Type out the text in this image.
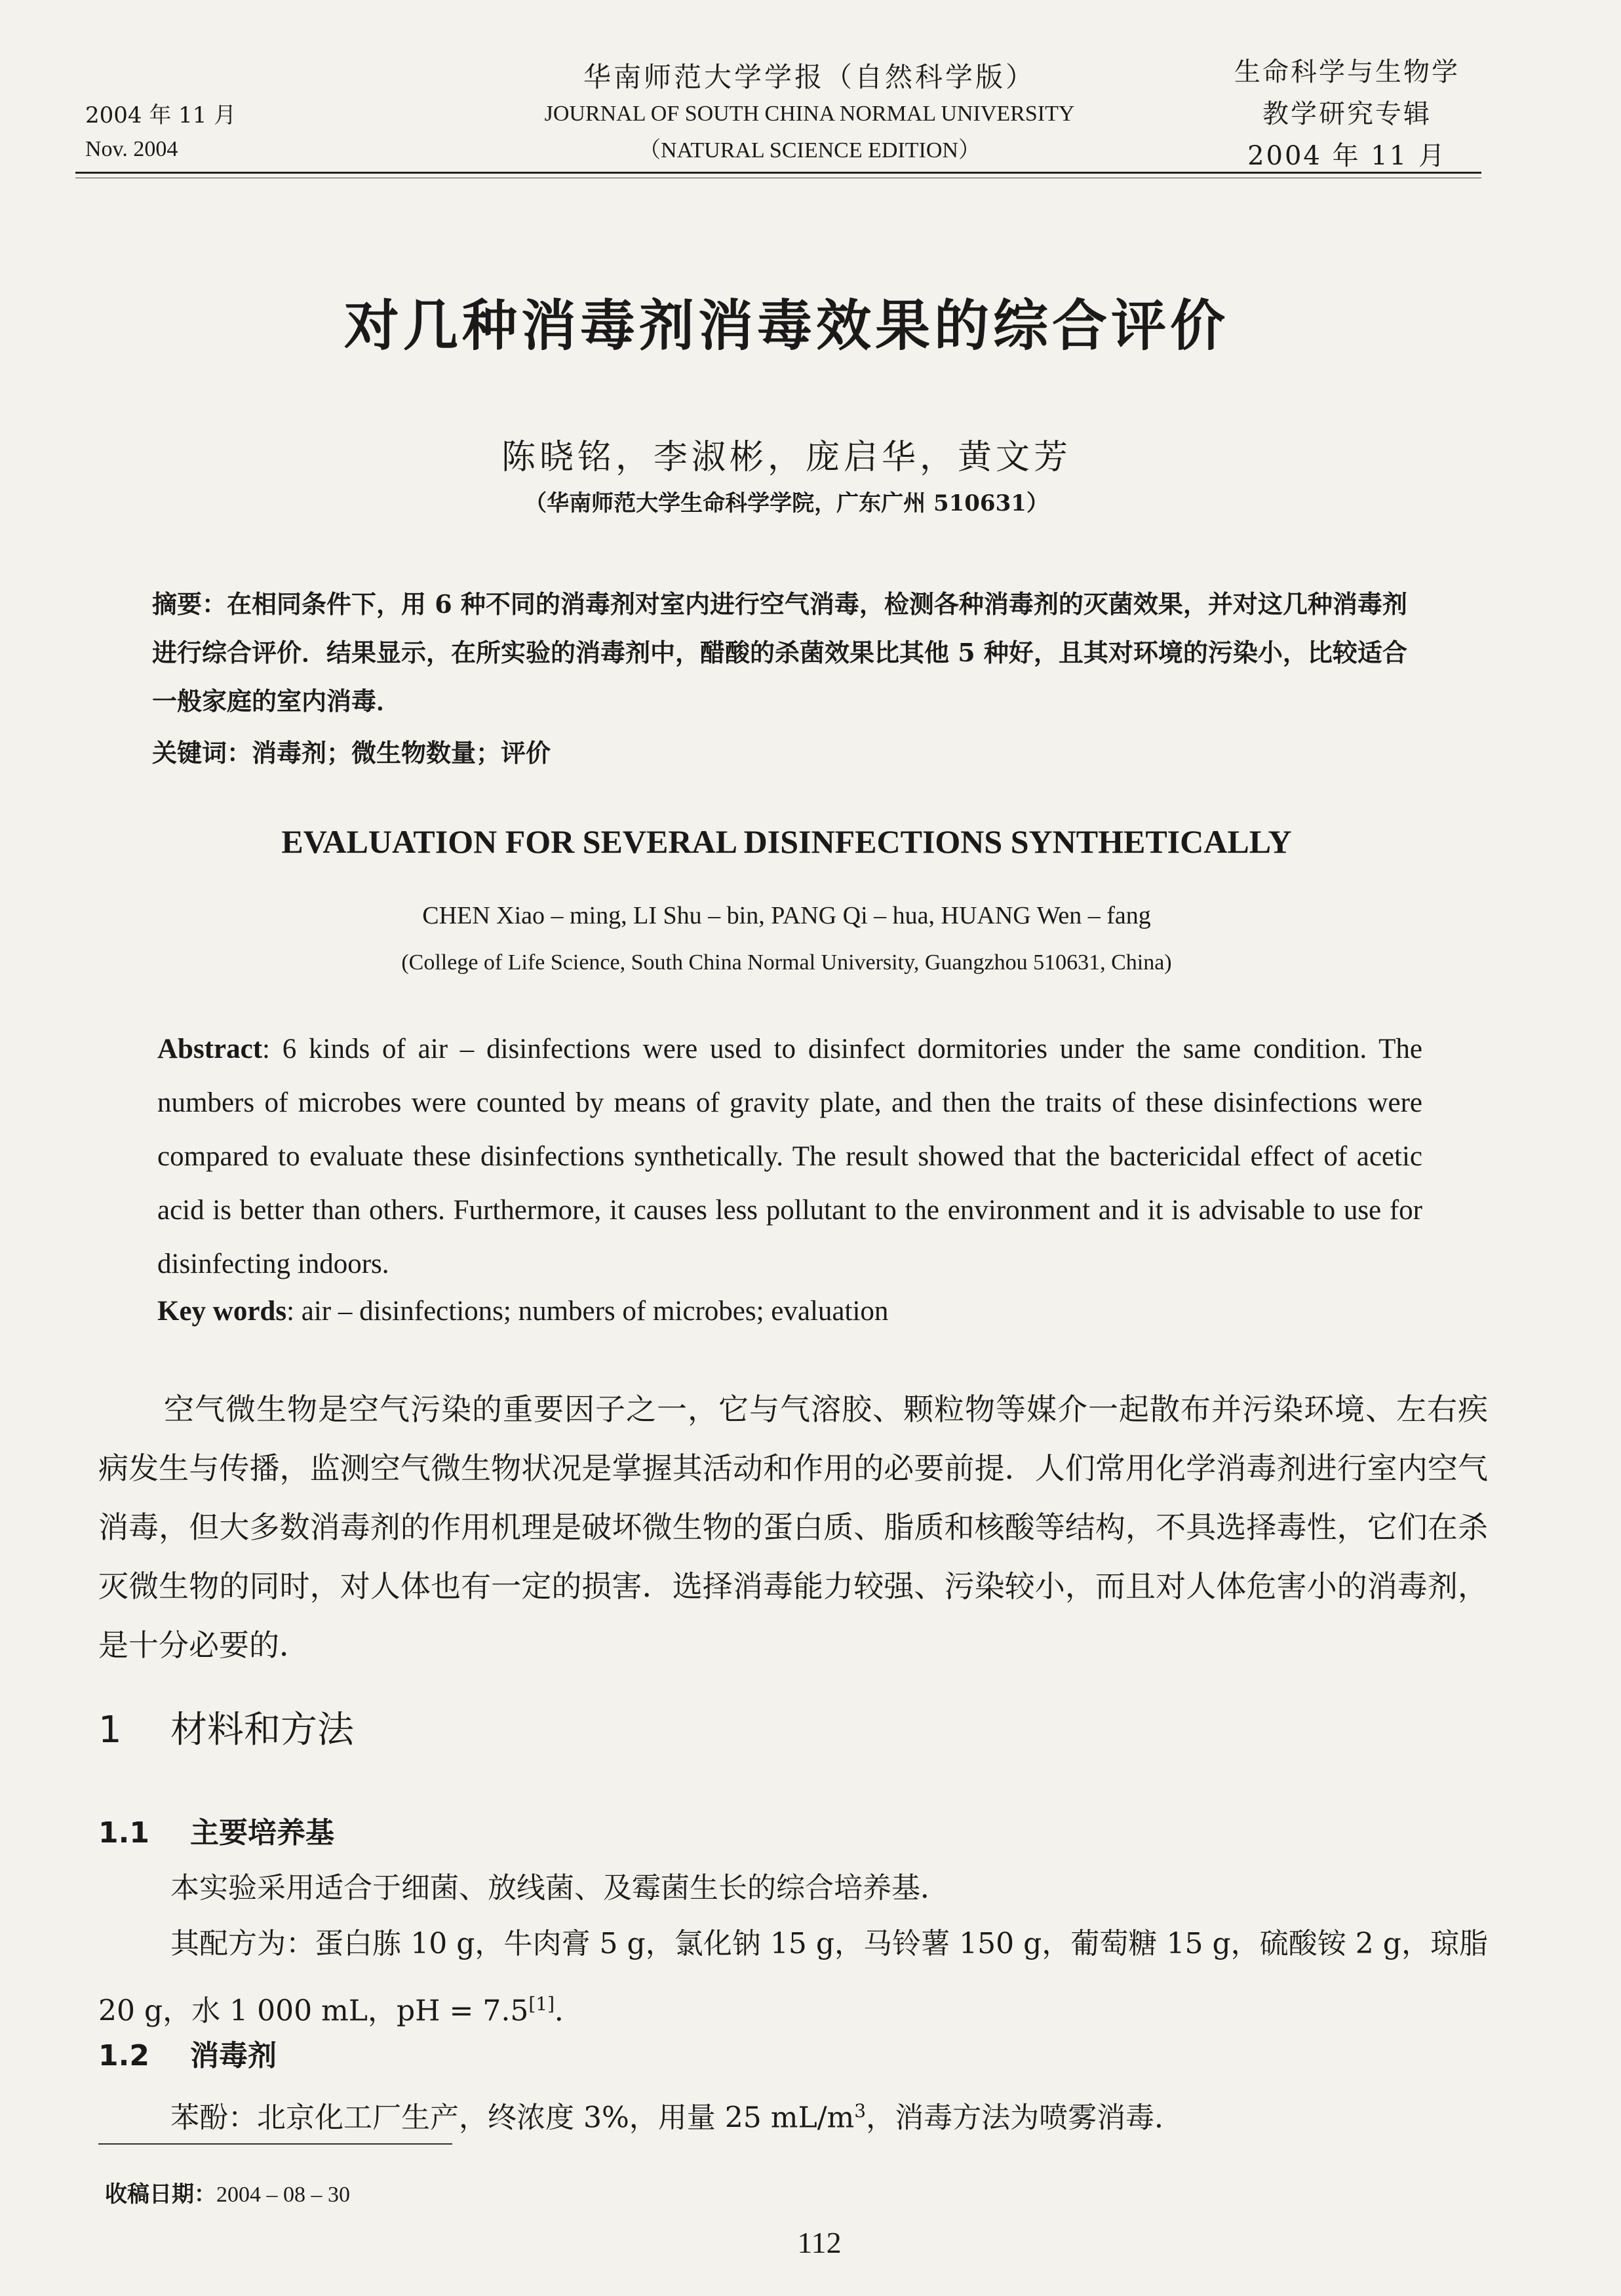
2004 年 11 月
Nov. 2004
华南师范大学学报（自然科学版）
JOURNAL OF SOUTH CHINA NORMAL UNIVERSITY
（NATURAL SCIENCE EDITION）
生命科学与生物学
教学研究专辑
2004 年 11 月
对几种消毒剂消毒效果的综合评价
陈晓铭，李淑彬，庞启华，黄文芳
（华南师范大学生命科学学院，广东广州 510631）
摘要：在相同条件下，用 6 种不同的消毒剂对室内进行空气消毒，检测各种消毒剂的灭菌效果，并对这几种消毒剂进行综合评价．结果显示，在所实验的消毒剂中，醋酸的杀菌效果比其他 5 种好，且其对环境的污染小，比较适合一般家庭的室内消毒．
关键词：消毒剂；微生物数量；评价
EVALUATION FOR SEVERAL DISINFECTIONS SYNTHETICALLY
CHEN Xiao – ming, LI Shu – bin, PANG Qi – hua, HUANG Wen – fang
(College of Life Science, South China Normal University, Guangzhou 510631, China)
Abstract: 6 kinds of air – disinfections were used to disinfect dormitories under the same condition. The numbers of microbes were counted by means of gravity plate, and then the traits of these disinfections were compared to evaluate these disinfections synthetically. The result showed that the bactericidal effect of acetic acid is better than others. Furthermore, it causes less pollutant to the environment and it is advisable to use for disinfecting indoors.
Key words: air – disinfections; numbers of microbes; evaluation
空气微生物是空气污染的重要因子之一，它与气溶胶、颗粒物等媒介一起散布并污染环境、左右疾病发生与传播，监测空气微生物状况是掌握其活动和作用的必要前提．人们常用化学消毒剂进行室内空气消毒，但大多数消毒剂的作用机理是破坏微生物的蛋白质、脂质和核酸等结构，不具选择毒性，它们在杀灭微生物的同时，对人体也有一定的损害．选择消毒能力较强、污染较小，而且对人体危害小的消毒剂，是十分必要的．
1 材料和方法
1.1 主要培养基
本实验采用适合于细菌、放线菌、及霉菌生长的综合培养基．
其配方为：蛋白胨 10 g，牛肉膏 5 g，氯化钠 15 g，马铃薯 150 g，葡萄糖 15 g，硫酸铵 2 g，琼脂 20 g，水 1 000 mL，pH = 7.5[1]．
1.2 消毒剂
苯酚：北京化工厂生产，终浓度 3%，用量 25 $mL/m^3$，消毒方法为喷雾消毒．
收稿日期：2004 – 08 – 30
112
